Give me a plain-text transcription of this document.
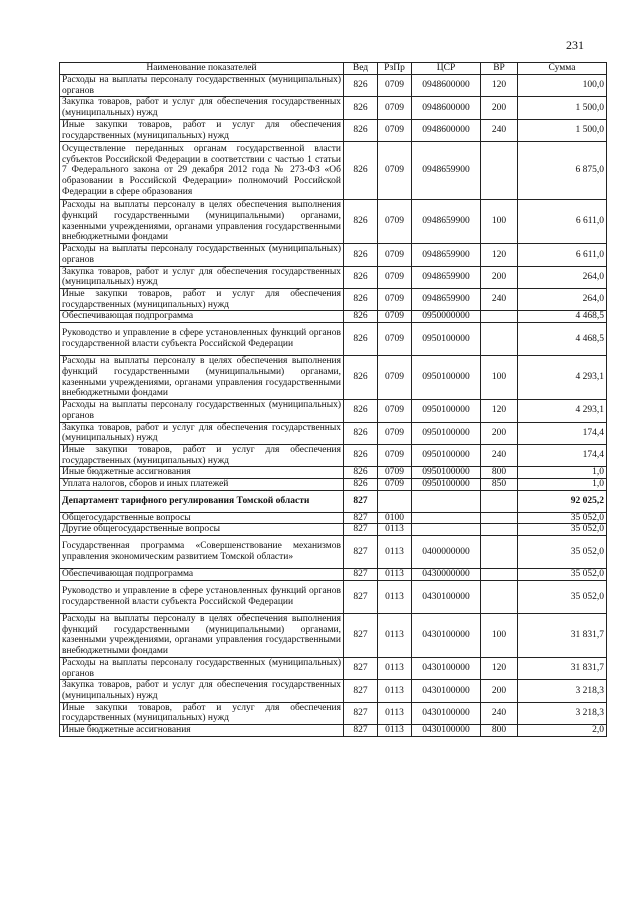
231
Наименование показателей	Вед	РзПр	ЦСР	ВР	Сумма
Расходы на выплаты персоналу государственных (муниципальных) органов	826	0709	0948600000	120	100,0
Закупка товаров, работ и услуг для обеспечения государственных (муниципальных) нужд	826	0709	0948600000	200	1 500,0
Иные закупки товаров, работ и услуг для обеспечения государственных (муниципальных) нужд	826	0709	0948600000	240	1 500,0
Осуществление переданных органам государственной власти субъектов Российской Федерации в соответствии с частью 1 статьи 7 Федерального закона от 29 декабря 2012 года № 273-ФЗ «Об образовании в Российской Федерации» полномочий Российской Федерации в сфере образования	826	0709	0948659900		6 875,0
Расходы на выплаты персоналу в целях обеспечения выполнения функций государственными (муниципальными) органами, казенными учреждениями, органами управления государственными внебюджетными фондами	826	0709	0948659900	100	6 611,0
Расходы на выплаты персоналу государственных (муниципальных) органов	826	0709	0948659900	120	6 611,0
Закупка товаров, работ и услуг для обеспечения государственных (муниципальных) нужд	826	0709	0948659900	200	264,0
Иные закупки товаров, работ и услуг для обеспечения государственных (муниципальных) нужд	826	0709	0948659900	240	264,0
Обеспечивающая подпрограмма	826	0709	0950000000		4 468,5
Руководство и управление в сфере установленных функций органов государственной власти субъекта Российской Федерации	826	0709	0950100000		4 468,5
Расходы на выплаты персоналу в целях обеспечения выполнения функций государственными (муниципальными) органами, казенными учреждениями, органами управления государственными внебюджетными фондами	826	0709	0950100000	100	4 293,1
Расходы на выплаты персоналу государственных (муниципальных) органов	826	0709	0950100000	120	4 293,1
Закупка товаров, работ и услуг для обеспечения государственных (муниципальных) нужд	826	0709	0950100000	200	174,4
Иные закупки товаров, работ и услуг для обеспечения государственных (муниципальных) нужд	826	0709	0950100000	240	174,4
Иные бюджетные ассигнования	826	0709	0950100000	800	1,0
Уплата налогов, сборов и иных платежей	826	0709	0950100000	850	1,0
Департамент тарифного регулирования Томской области	827				92 025,2
Общегосударственные вопросы	827	0100			35 052,0
Другие общегосударственные вопросы	827	0113			35 052,0
Государственная программа «Совершенствование механизмов управления экономическим развитием Томской области»	827	0113	0400000000		35 052,0
Обеспечивающая подпрограмма	827	0113	0430000000		35 052,0
Руководство и управление в сфере установленных функций органов государственной власти субъекта Российской Федерации	827	0113	0430100000		35 052,0
Расходы на выплаты персоналу в целях обеспечения выполнения функций государственными (муниципальными) органами, казенными учреждениями, органами управления государственными внебюджетными фондами	827	0113	0430100000	100	31 831,7
Расходы на выплаты персоналу государственных (муниципальных) органов	827	0113	0430100000	120	31 831,7
Закупка товаров, работ и услуг для обеспечения государственных (муниципальных) нужд	827	0113	0430100000	200	3 218,3
Иные закупки товаров, работ и услуг для обеспечения государственных (муниципальных) нужд	827	0113	0430100000	240	3 218,3
Иные бюджетные ассигнования	827	0113	0430100000	800	2,0
